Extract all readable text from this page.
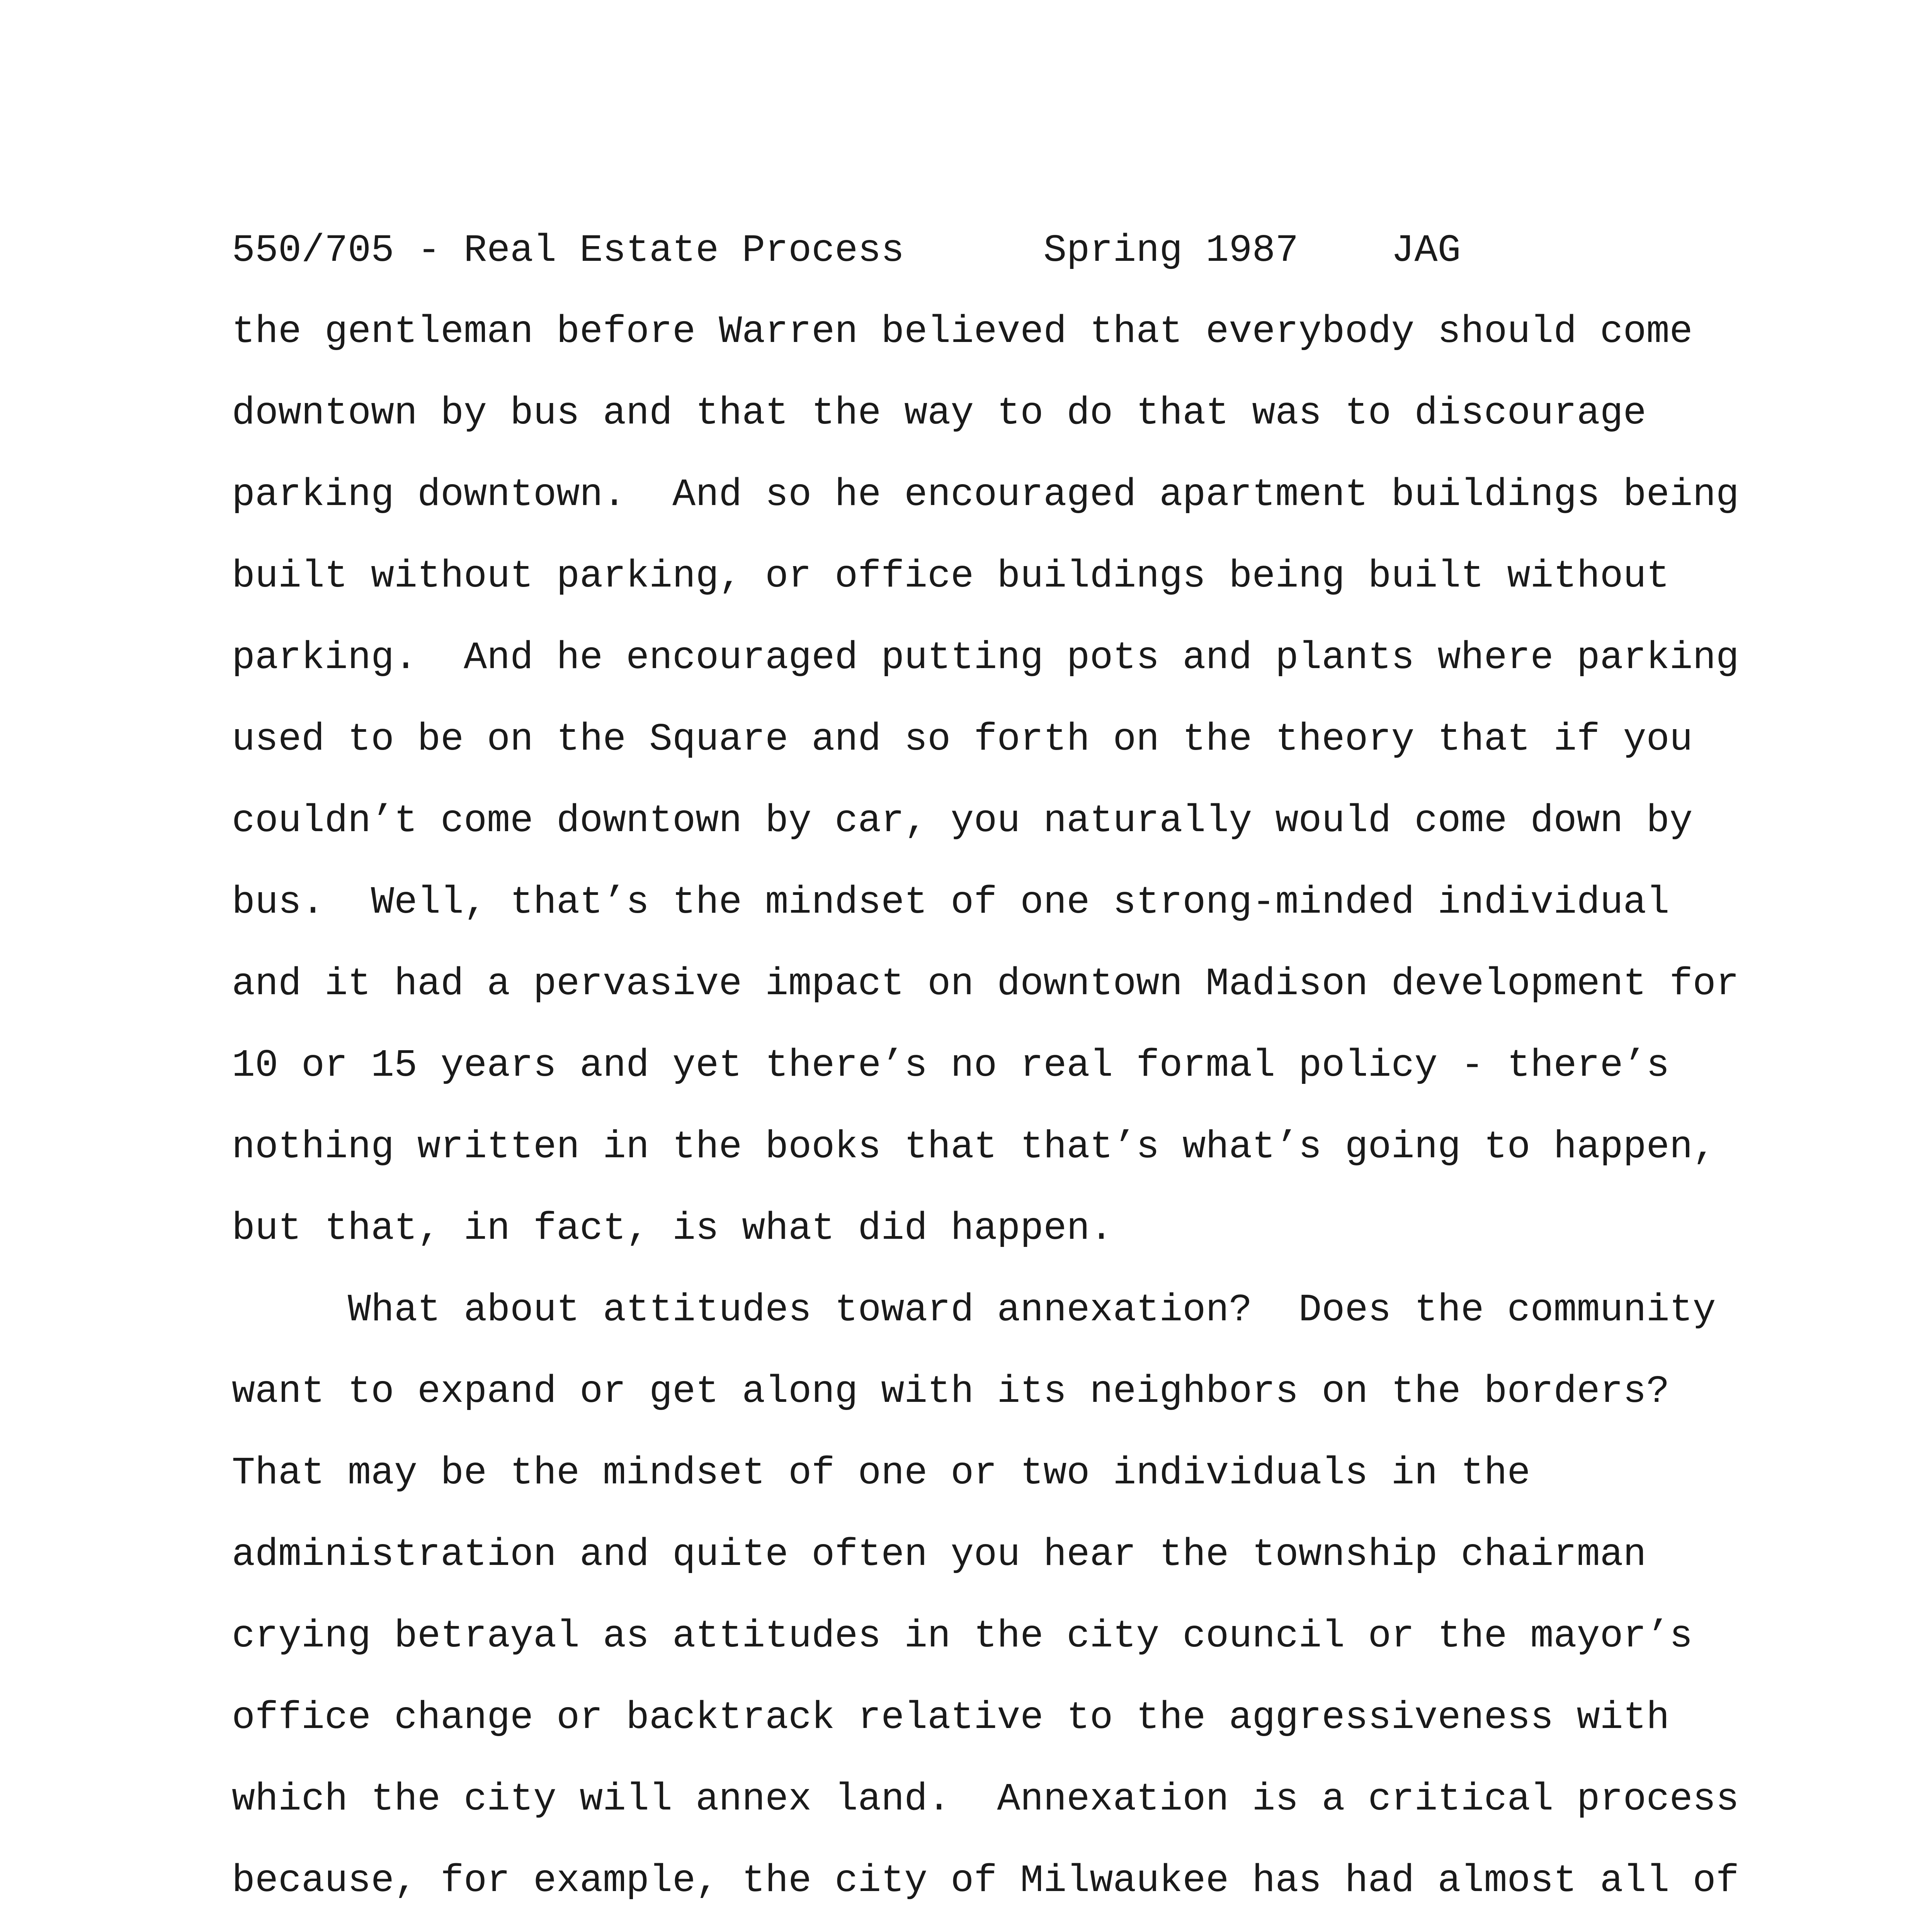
550/705 - Real Estate Process	Spring 1987 JAG
the gentleman before Warren believed that everybody should come
downtown by bus and that the way to do that was to discourage
parking downtown.  And so he encouraged apartment buildings being
built without parking, or office buildings being built without
parking.  And he encouraged putting pots and plants where parking
used to be on the Square and so forth on the theory that if you
couldn’t come downtown by car, you naturally would come down by
bus.  Well, that’s the mindset of one strong-minded individual
and it had a pervasive impact on downtown Madison development for
10 or 15 years and yet there’s no real formal policy - there’s
nothing written in the books that that’s what’s going to happen,
but that, in fact, is what did happen.
What about attitudes toward annexation?  Does the community
want to expand or get along with its neighbors on the borders?
That may be the mindset of one or two individuals in the
administration and quite often you hear the township chairman
crying betrayal as attitudes in the city council or the mayor’s
office change or backtrack relative to the aggressiveness with
which the city will annex land.  Annexation is a critical process
because, for example, the city of Milwaukee has had almost all of
